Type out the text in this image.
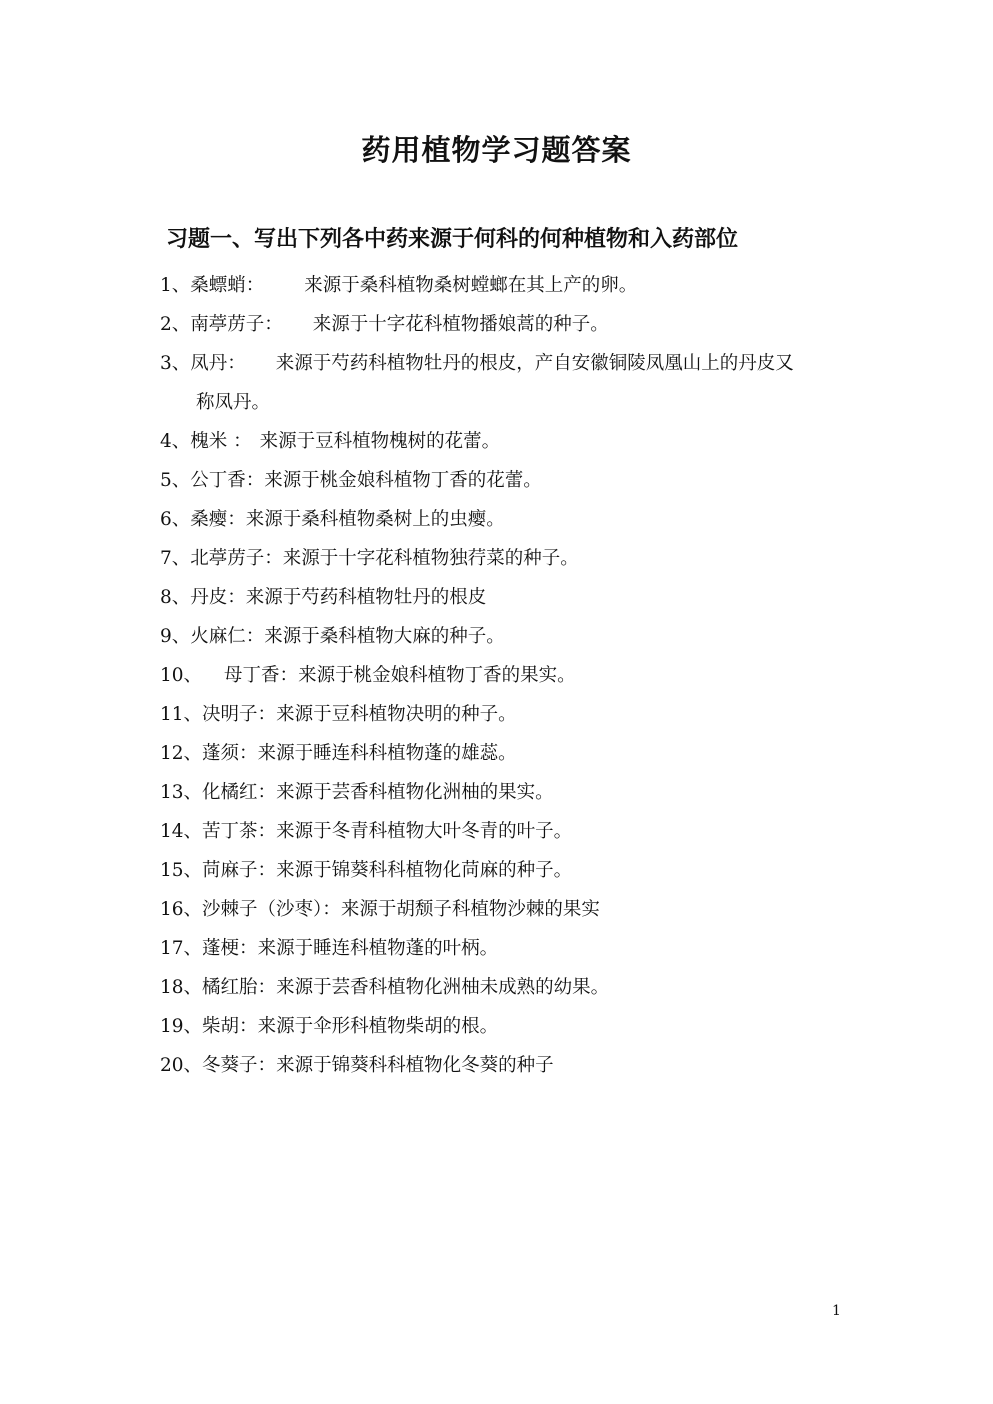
药用植物学习题答案
习题一、写出下列各中药来源于何科的何种植物和入药部位
1、桑螵蛸： 来源于桑科植物桑树螳螂在其上产的卵。
2、南葶苈子： 来源于十字花科植物播娘蒿的种子。
3、凤丹： 来源于芍药科植物牡丹的根皮，产自安徽铜陵凤凰山上的丹皮又
称凤丹。
4、槐米 ： 来源于豆科植物槐树的花蕾。
5、公丁香：来源于桃金娘科植物丁香的花蕾。
6、桑瘿：来源于桑科植物桑树上的虫瘿。
7、北葶苈子：来源于十字花科植物独荇菜的种子。
8、丹皮：来源于芍药科植物牡丹的根皮
9、火麻仁：来源于桑科植物大麻的种子。
10、 母丁香：来源于桃金娘科植物丁香的果实。
11、决明子：来源于豆科植物决明的种子。
12、蓬须：来源于睡连科科植物蓬的雄蕊。
13、化橘红：来源于芸香科植物化洲柚的果实。
14、苦丁茶：来源于冬青科植物大叶冬青的叶子。
15、苘麻子：来源于锦葵科科植物化苘麻的种子。
16、沙棘子（沙枣）：来源于胡颓子科植物沙棘的果实
17、蓬梗：来源于睡连科植物蓬的叶柄。
18、橘红胎：来源于芸香科植物化洲柚未成熟的幼果。
19、柴胡：来源于伞形科植物柴胡的根。
20、冬葵子：来源于锦葵科科植物化冬葵的种子
1
